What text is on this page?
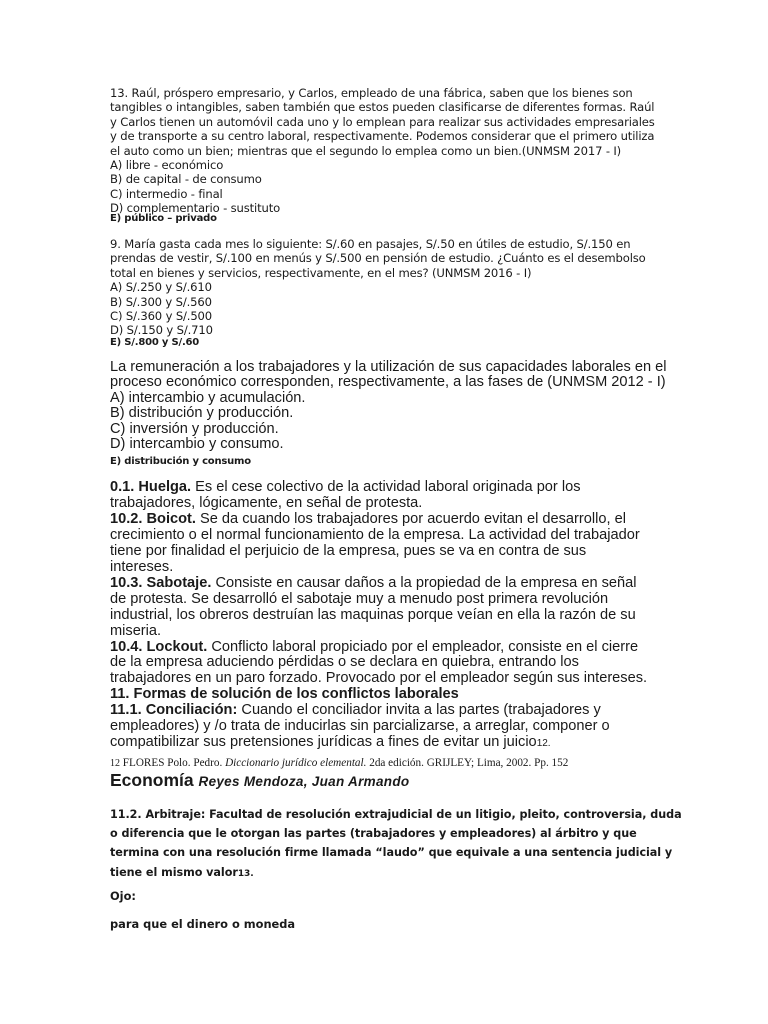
13. Raúl, próspero empresario, y Carlos, empleado de una fábrica, saben que los bienes son
tangibles o intangibles, saben también que estos pueden clasificarse de diferentes formas. Raúl
y Carlos tienen un automóvil cada uno y lo emplean para realizar sus actividades empresariales
y de transporte a su centro laboral, respectivamente. Podemos considerar que el primero utiliza
el auto como un bien; mientras que el segundo lo emplea como un bien.(UNMSM 2017 - I)
A) libre - económico
B) de capital - de consumo
C) intermedio - final
D) complementario - sustituto
E) público – privado
9. María gasta cada mes lo siguiente: S/.60 en pasajes, S/.50 en útiles de estudio, S/.150 en
prendas de vestir, S/.100 en menús y S/.500 en pensión de estudio. ¿Cuánto es el desembolso
total en bienes y servicios, respectivamente, en el mes? (UNMSM 2016 - I)
A) S/.250 y S/.610
B) S/.300 y S/.560
C) S/.360 y S/.500
D) S/.150 y S/.710
E) S/.800 y S/.60
La remuneración a los trabajadores y la utilización de sus capacidades laborales en el
proceso económico corresponden, respectivamente, a las fases de (UNMSM 2012 - I)
A) intercambio y acumulación.
B) distribución y producción.
C) inversión y producción.
D) intercambio y consumo.
E) distribución y consumo
0.1. Huelga. Es el cese colectivo de la actividad laboral originada por los
trabajadores, lógicamente, en señal de protesta.
10.2. Boicot. Se da cuando los trabajadores por acuerdo evitan el desarrollo, el
crecimiento o el normal funcionamiento de la empresa. La actividad del trabajador
tiene por finalidad el perjuicio de la empresa, pues se va en contra de sus
intereses.
10.3. Sabotaje. Consiste en causar daños a la propiedad de la empresa en señal
de protesta. Se desarrolló el sabotaje muy a menudo post primera revolución
industrial, los obreros destruían las maquinas porque veían en ella la razón de su
miseria.
10.4. Lockout. Conflicto laboral propiciado por el empleador, consiste en el cierre
de la empresa aduciendo pérdidas o se declara en quiebra, entrando los
trabajadores en un paro forzado. Provocado por el empleador según sus intereses.
11. Formas de solución de los conflictos laborales
11.1. Conciliación: Cuando el conciliador invita a las partes (trabajadores y
empleadores) y /o trata de inducirlas sin parcializarse, a arreglar, componer o
compatibilizar sus pretensiones jurídicas a fines de evitar un juicio12.
12 FLORES Polo. Pedro. Diccionario jurídico elemental. 2da edición. GRIJLEY; Lima, 2002. Pp. 152
Economía Reyes Mendoza, Juan Armando
11.2. Arbitraje: Facultad de resolución extrajudicial de un litigio, pleito, controversia, duda
o diferencia que le otorgan las partes (trabajadores y empleadores) al árbitro y que
termina con una resolución firme llamada “laudo” que equivale a una sentencia judicial y
tiene el mismo valor13.
Ojo:
para que el dinero o moneda
